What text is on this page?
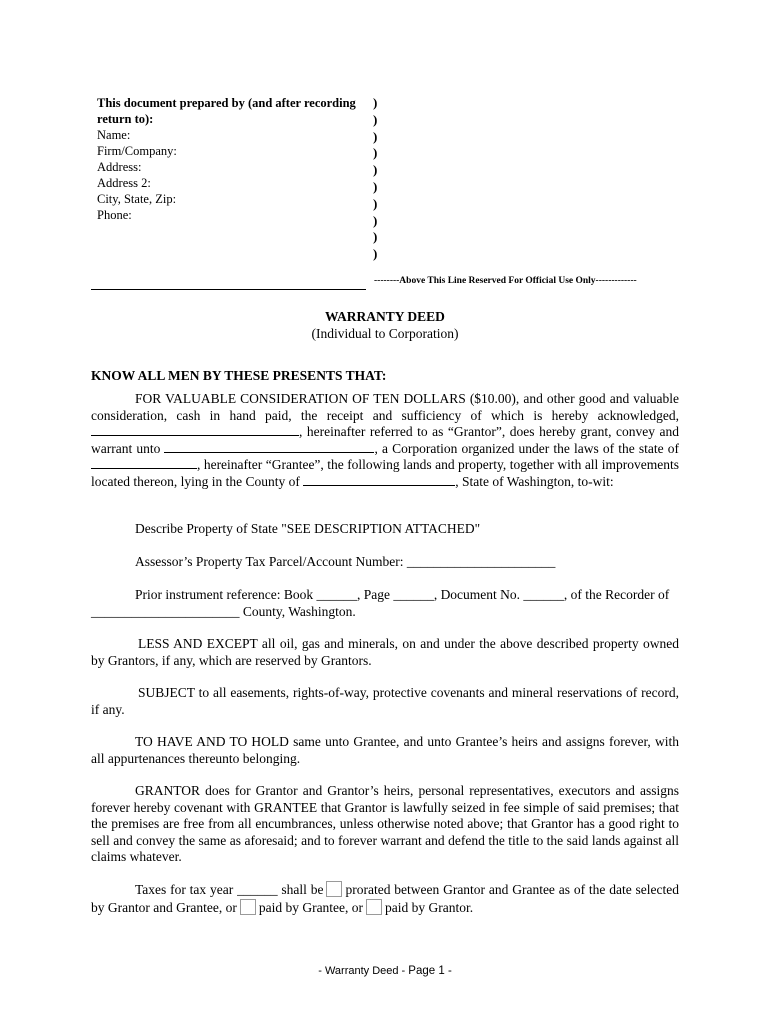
This document prepared by (and after recording
return to):
Name:
Firm/Company:
Address:
Address 2:
City, State, Zip:
Phone:
)
)
)
)
)
)
)
)
)
)
--------Above This Line Reserved For Official Use Only-------------
WARRANTY DEED
(Individual to Corporation)
KNOW ALL MEN BY THESE PRESENTS THAT:

FOR VALUABLE CONSIDERATION OF TEN DOLLARS ($10.00), and other good and valuable consideration, cash in hand paid, the receipt and sufficiency of which is hereby acknowledged, , hereinafter referred to as “Grantor”, does hereby grant, convey and warrant unto	, a Corporation organized under the laws of the state of , hereinafter “Grantee”, the following lands and property, together with all improvements located thereon, lying in the County of	, State of Washington, to-wit:

Describe Property of State "SEE DESCRIPTION ATTACHED"
Assessor’s Property Tax Parcel/Account Number: ______________________

Prior instrument reference: Book ______, Page ______, Document No. ______, of the Recorder of

______________________ County, Washington.

LESS AND EXCEPT all oil, gas and minerals, on and under the above described property owned by Grantors, if any, which are reserved by Grantors.

SUBJECT to all easements, rights-of-way, protective covenants and mineral reservations of record, if any.

TO HAVE AND TO HOLD same unto Grantee, and unto Grantee’s heirs and assigns forever, with all appurtenances thereunto belonging.

GRANTOR does for Grantor and Grantor’s heirs, personal representatives, executors and assigns forever hereby covenant with GRANTEE that Grantor is lawfully seized in fee simple of said premises; that the premises are free from all encumbrances, unless otherwise noted above; that Grantor has a good right to sell and convey the same as aforesaid; and to forever warrant and defend the title to the said lands against all claims whatever.

Taxes for tax year ______ shall be prorated between Grantor and Grantee as of the date selected by Grantor and Grantee, or paid by Grantee, or paid by Grantor.

- Warranty Deed - Page 1 -
